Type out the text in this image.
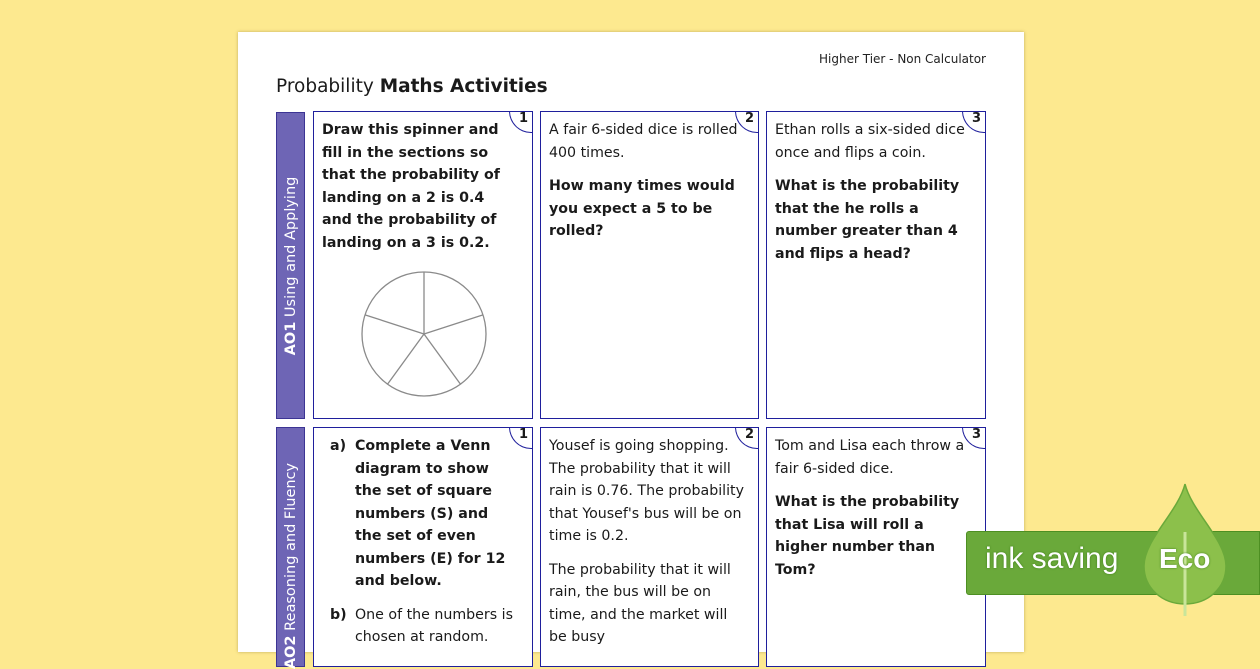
Higher Tier - Non Calculator
Probability Maths Activities
AO1 Using and Applying
1

Draw this spinner and fill in the sections so that the probability of landing on a 2 is 0.4 and the probability of landing on a 3 is 0.2.

2

A fair 6-sided dice is rolled 400 times.

How many times would you expect a 5 to be rolled?

3

Ethan rolls a six-sided dice once and flips a coin.

What is the probability that the he rolls a number greater than 4 and flips a head?

AO2 Reasoning and Fluency
1
a) Complete a Venn diagram to show the set of square numbers (S) and the set of even numbers (E) for 12 and below.
b) One of the numbers is chosen at random.
2

Yousef is going shopping. The probability that it will rain is 0.76. The probability that Yousef's bus will be on time is 0.2.

The probability that it will rain, the bus will be on time, and the market will be busy

3

Tom and Lisa each throw a fair 6-sided dice.

What is the probability that Lisa will roll a higher number than Tom?	ink saving Eco
